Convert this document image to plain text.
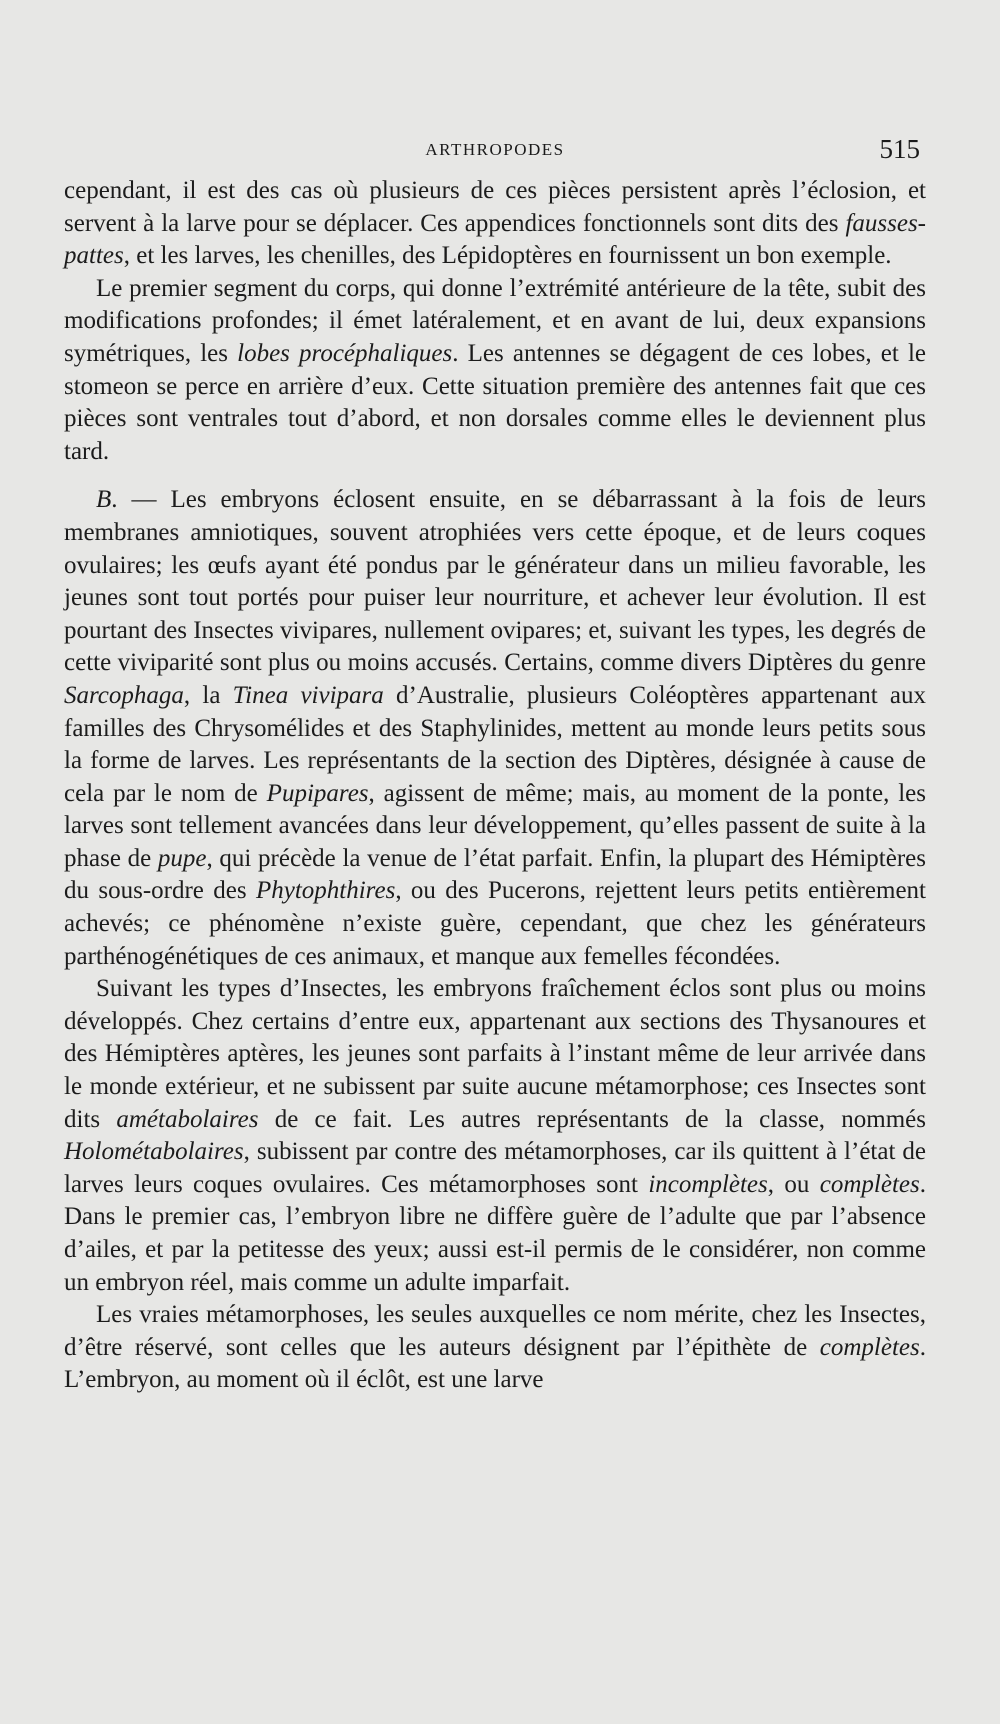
ARTHROPODES	515

cependant, il est des cas où plusieurs de ces pièces persistent après l’éclosion, et servent à la larve pour se déplacer. Ces appendices fonctionnels sont dits des fausses-pattes, et les larves, les chenilles, des Lépidoptères en fournissent un bon exemple.

Le premier segment du corps, qui donne l’extrémité antérieure de la tête, subit des modifications profondes; il émet latéralement, et en avant de lui, deux expansions symétriques, les lobes procéphaliques. Les antennes se dégagent de ces lobes, et le stomeon se perce en arrière d’eux. Cette situation première des antennes fait que ces pièces sont ventrales tout d’abord, et non dorsales comme elles le deviennent plus tard.

B. — Les embryons éclosent ensuite, en se débarrassant à la fois de leurs membranes amniotiques, souvent atrophiées vers cette époque, et de leurs coques ovulaires; les œufs ayant été pondus par le générateur dans un milieu favorable, les jeunes sont tout portés pour puiser leur nourriture, et achever leur évolution. Il est pourtant des Insectes vivipares, nullement ovipares; et, suivant les types, les degrés de cette viviparité sont plus ou moins accusés. Certains, comme divers Diptères du genre Sarcophaga, la Tinea vivipara d’Australie, plusieurs Coléoptères appartenant aux familles des Chrysomélides et des Staphylinides, mettent au monde leurs petits sous la forme de larves. Les représentants de la section des Diptères, désignée à cause de cela par le nom de Pupipares, agissent de même; mais, au moment de la ponte, les larves sont tellement avancées dans leur développement, qu’elles passent de suite à la phase de pupe, qui précède la venue de l’état parfait. Enfin, la plupart des Hémiptères du sous-ordre des Phytophthires, ou des Pucerons, rejettent leurs petits entièrement achevés; ce phénomène n’existe guère, cependant, que chez les générateurs parthénogénétiques de ces animaux, et manque aux femelles fécondées.

Suivant les types d’Insectes, les embryons fraîchement éclos sont plus ou moins développés. Chez certains d’entre eux, appartenant aux sections des Thysanoures et des Hémiptères aptères, les jeunes sont parfaits à l’instant même de leur arrivée dans le monde extérieur, et ne subissent par suite aucune métamorphose; ces Insectes sont dits amétabolaires de ce fait. Les autres représentants de la classe, nommés Holométabolaires, subissent par contre des métamorphoses, car ils quittent à l’état de larves leurs coques ovulaires. Ces métamorphoses sont incomplètes, ou complètes. Dans le premier cas, l’embryon libre ne diffère guère de l’adulte que par l’absence d’ailes, et par la petitesse des yeux; aussi est-il permis de le considérer, non comme un embryon réel, mais comme un adulte imparfait.

Les vraies métamorphoses, les seules auxquelles ce nom mérite, chez les Insectes, d’être réservé, sont celles que les auteurs désignent par l’épithète de complètes. L’embryon, au moment où il éclôt, est une larve
